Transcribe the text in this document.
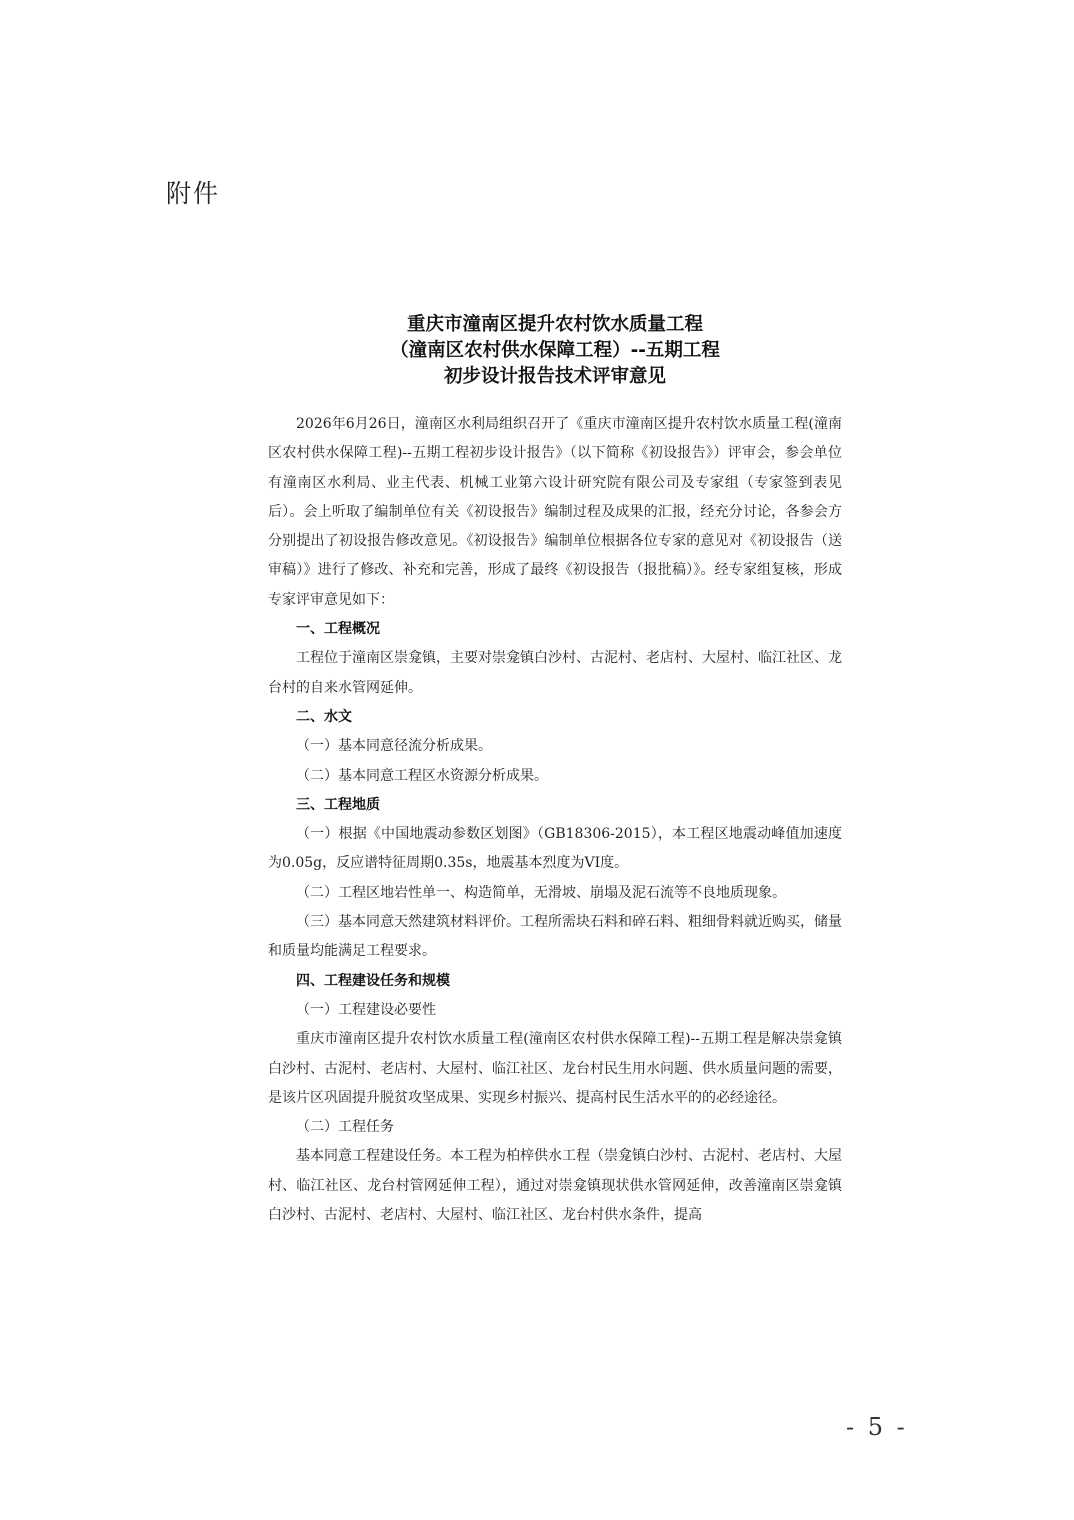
附件
重庆市潼南区提升农村饮水质量工程
（潼南区农村供水保障工程）--五期工程
初步设计报告技术评审意见

2026年6月26日，潼南区水利局组织召开了《重庆市潼南区提升农村饮水质量工程(潼南区农村供水保障工程)--五期工程初步设计报告》（以下简称《初设报告》）评审会，参会单位有潼南区水利局、业主代表、机械工业第六设计研究院有限公司及专家组（专家签到表见后）。会上听取了编制单位有关《初设报告》编制过程及成果的汇报，经充分讨论，各参会方分别提出了初设报告修改意见。《初设报告》编制单位根据各位专家的意见对《初设报告（送审稿）》进行了修改、补充和完善，形成了最终《初设报告（报批稿）》。经专家组复核，形成专家评审意见如下：

一、工程概况

工程位于潼南区崇龛镇，主要对崇龛镇白沙村、古泥村、老店村、大屋村、临江社区、龙台村的自来水管网延伸。

二、水文

（一）基本同意径流分析成果。

（二）基本同意工程区水资源分析成果。

三、工程地质

（一）根据《中国地震动参数区划图》（GB18306-2015），本工程区地震动峰值加速度为0.05g，反应谱特征周期0.35s，地震基本烈度为VI度。

（二）工程区地岩性单一、构造简单，无滑坡、崩塌及泥石流等不良地质现象。

（三）基本同意天然建筑材料评价。工程所需块石料和碎石料、粗细骨料就近购买，储量和质量均能满足工程要求。

四、工程建设任务和规模

（一）工程建设必要性

重庆市潼南区提升农村饮水质量工程(潼南区农村供水保障工程)--五期工程是解决崇龛镇白沙村、古泥村、老店村、大屋村、临江社区、龙台村民生用水问题、供水质量问题的需要，是该片区巩固提升脱贫攻坚成果、实现乡村振兴、提高村民生活水平的的必经途径。

（二）工程任务

基本同意工程建设任务。本工程为柏梓供水工程（崇龛镇白沙村、古泥村、老店村、大屋村、临江社区、龙台村管网延伸工程），通过对崇龛镇现状供水管网延伸，改善潼南区崇龛镇白沙村、古泥村、老店村、大屋村、临江社区、龙台村供水条件，提高

- 5 -
